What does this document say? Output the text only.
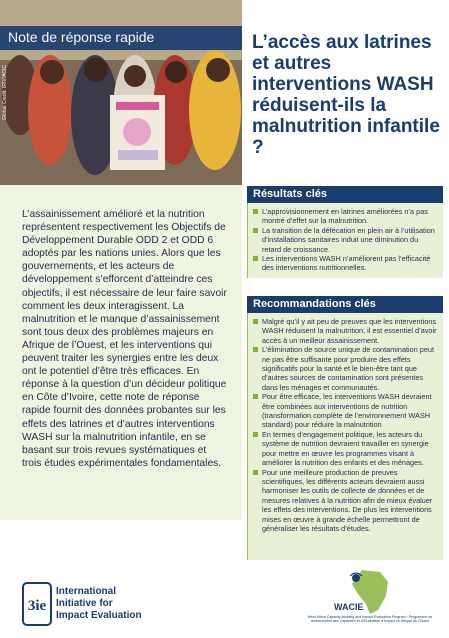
Note de réponse rapide
Global Credit: IRIV/ACIC
L’accès aux latrines et autres interventions WASH réduisent-ils la malnutrition infantile ?
L’assainissement amélioré et la nutrition représentent respectivement les Objectifs de Développement Durable ODD 2 et ODD 6 adoptés par les nations unies. Alors que les gouvernements, et les acteurs de développement s’efforcent d’atteindre ces objectifs, il est nécessaire de leur faire savoir comment les deux interagissent. La malnutrition et le manque d’assainissement sont tous deux des problèmes majeurs en Afrique de l’Ouest, et les interventions qui peuvent traiter les synergies entre les deux ont le potentiel d’être très efficaces. En réponse à la question d’un décideur politique en Côte d’Ivoire, cette note de réponse rapide fournit des données probantes sur les effets des latrines et d’autres interventions WASH sur la malnutrition infantile, en se basant sur trois revues systématiques et trois études expérimentales fondamentales.
Résultats clés
L’approvisionnement en latrines améliorées n’a pas montré d’effet sur la malnutrition.
La transition de la défécation en plein air à l’utilisation d’installations sanitaires induit une diminution du retard de croissance.
Les interventions WASH n’améliorent pas l’efficacité des interventions nutritionnelles.
Recommandations clés
Malgré qu’il y ait peu de preuves que les interventions WASH réduisent la malnutrition, il est essentiel d’avoir accès à un meilleur assainissement.
L’élimination de source unique de contamination peut ne pas être suffisante pour produire des effets significatifs pour la santé et le bien-être tant que d’autres sources de contamination sont présentes dans les ménages et communautés.
Pour être efficace, les interventions WASH devraient être combinées aux interventions de nutrition (transformation complète de l’environnement WASH standard) pour réduire la malnutrition
En termes d’engagement politique, les acteurs du système de nutrition devraient travailler en synergie pour mettre en œuvre les programmes visant à améliorer la nutrition des enfants et des ménages.
Pour une meilleure production de preuves scientifiques, les différents acteurs devraient aussi harmoniser les outils de collecte de données et de mesures relatives à la nutrition afin de mieux évaluer les effets des interventions. De plus les interventions mises en œuvre à grande échelle permettront de généraliser les résultats d’études.
3ie
International Initiative for Impact Evaluation
WACIE
West Africa Capacity-building and Impact Evaluation Program / Programme de renforcement des Capacités et d’Evaluation d’Impact en Afrique de l’Ouest
